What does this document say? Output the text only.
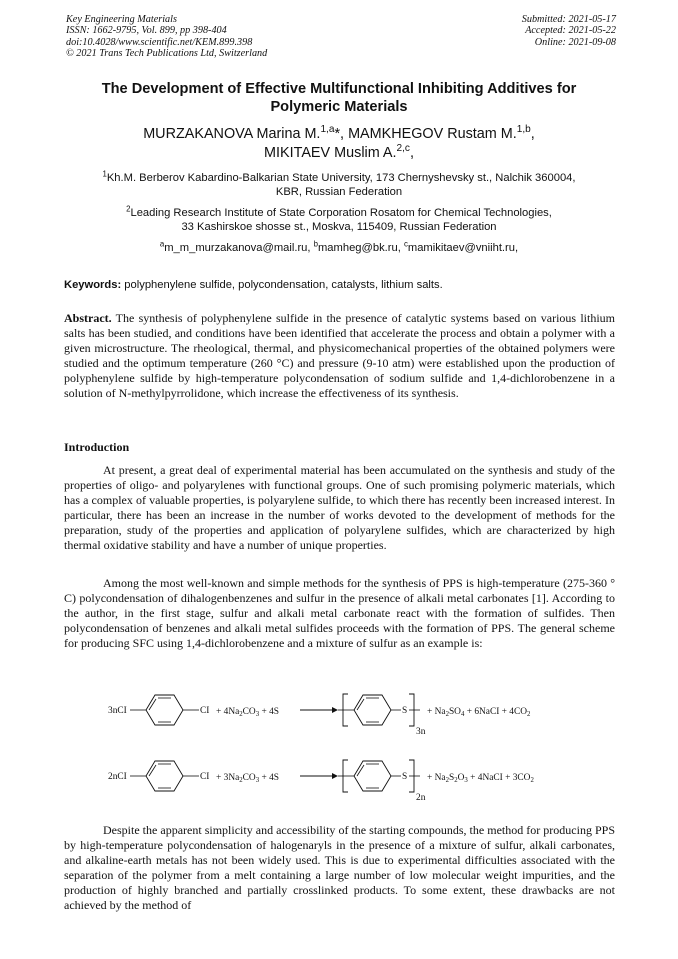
Key Engineering Materials
ISSN: 1662-9795, Vol. 899, pp 398-404
doi:10.4028/www.scientific.net/KEM.899.398
© 2021 Trans Tech Publications Ltd, Switzerland
Submitted: 2021-05-17
Accepted: 2021-05-22
Online: 2021-09-08
The Development of Effective Multifunctional Inhibiting Additives for
Polymeric Materials
MURZAKANOVA Marina M.$^{1,a}$*, MAMKHEGOV Rustam M.$^{1,b}$,
MIKITAEV Muslim A.$^{2,c}$,
$^1$Kh.M. Berberov Kabardino-Balkarian State University, 173 Chernyshevsky st., Nalchik 360004,
KBR, Russian Federation
$^2$Leading Research Institute of State Corporation Rosatom for Chemical Technologies,
33 Kashirskoe shosse st., Moskva, 115409, Russian Federation
$^a$m_m_murzakanova@mail.ru, $^b$mamheg@bk.ru, $^c$mamikitaev@vniiht.ru,
Keywords: polyphenylene sulfide, polycondensation, catalysts, lithium salts.
Abstract. The synthesis of polyphenylene sulfide in the presence of catalytic systems based on various lithium salts has been studied, and conditions have been identified that accelerate the process and obtain a polymer with a given microstructure. The rheological, thermal, and physicomechanical properties of the obtained polymers were studied and the optimum temperature (260 °C) and pressure (9-10 atm) were established upon the production of polyphenylene sulfide by high-temperature polycondensation of sodium sulfide and 1,4-dichlorobenzene in a solution of N-methylpyrrolidone, which increase the effectiveness of its synthesis.
Introduction
At present, a great deal of experimental material has been accumulated on the synthesis and study of the properties of oligo- and polyarylenes with functional groups. One of such promising polymeric materials, which has a complex of valuable properties, is polyarylene sulfide, to which there has recently been increased interest. In particular, there has been an increase in the number of works devoted to the development of methods for the preparation, study of the properties and application of polyarylene sulfides, which are characterized by high thermal oxidative stability and have a number of unique properties.
Among the most well-known and simple methods for the synthesis of PPS is high-temperature (275-360 ° C) polycondensation of dihalogenbenzenes and sulfur in the presence of alkali metal carbonates [1]. According to the author, in the first stage, sulfur and alkali metal carbonate react with the formation of sulfides. Then polycondensation of benzenes and alkali metal sulfides proceeds with the formation of PPS. The general scheme for producing SFC using 1,4-dichlorobenzene and a mixture of sulfur as an example is:
3nCI	CI + $4Na_2CO_3 + 4S$	S
3n
+ $Na_2SO_4$ + 6NaCI + $4CO_2$
2nCI	CI + $3Na_2CO_3 + 4S$	S
2n
+ $Na_2S_2O_3$ + 4NaCI + $3CO_2$
Despite the apparent simplicity and accessibility of the starting compounds, the method for producing PPS by high-temperature polycondensation of halogenaryls in the presence of a mixture of sulfur, alkali carbonates, and alkaline-earth metals has not been widely used. This is due to experimental difficulties associated with the separation of the polymer from a melt containing a large number of low molecular weight impurities, and the production of highly branched and partially crosslinked products. To some extent, these drawbacks are not achieved by the method of
